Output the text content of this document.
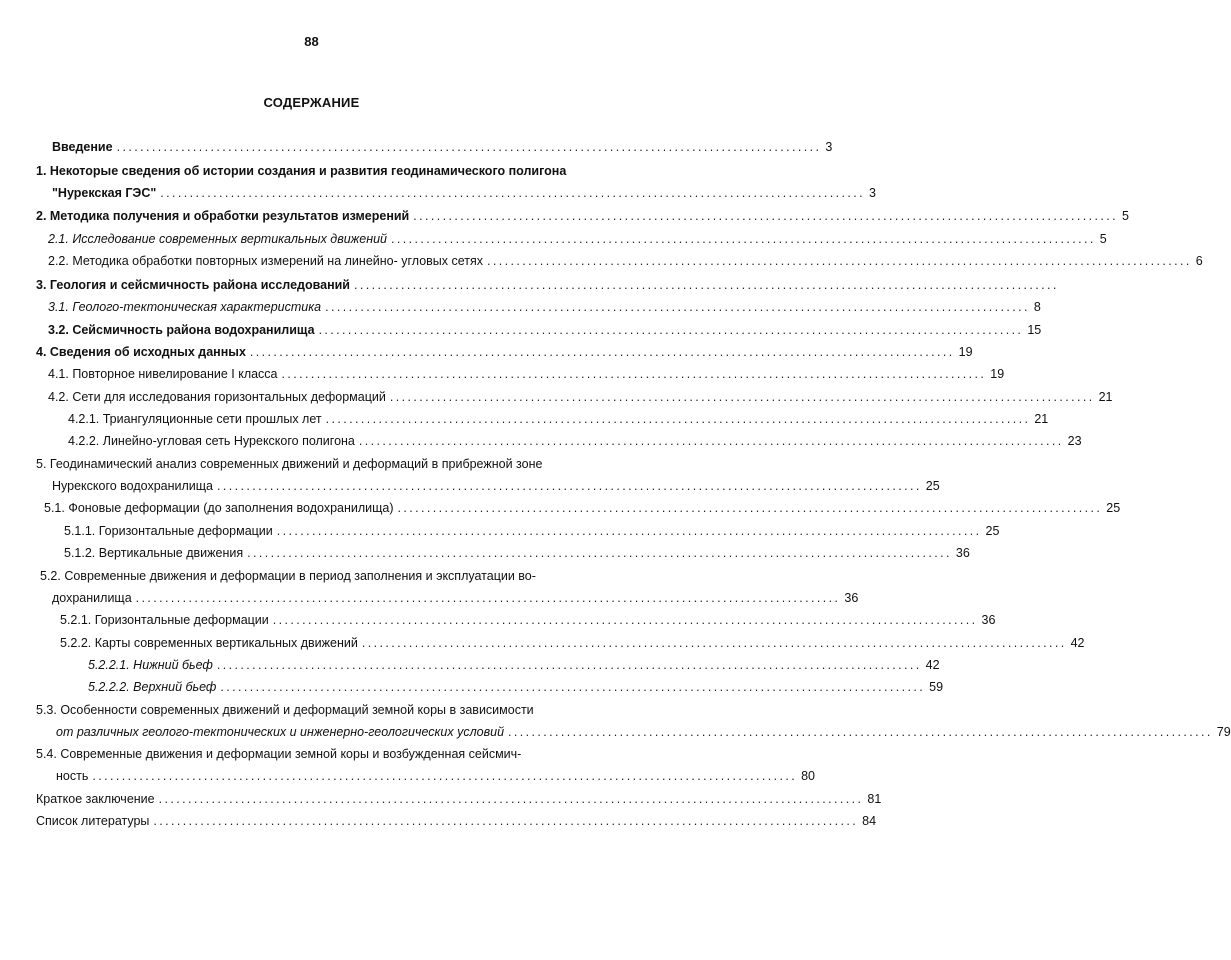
88
СОДЕРЖАНИЕ
Введение ........................................................................................................................ 3
1. Некоторые сведения об истории создания и развития геодинамического полигона
"Нурекская ГЭС" ........................................................................................................................ 3
2. Методика получения и обработки результатов измерений ........................................................................................................................ 5
2.1. Исследование современных вертикальных движений ........................................................................................................................ 5
2.2. Методика обработки повторных измерений на линейно- угловых сетях ........................................................................................................................ 6
3. Геология и сейсмичность района исследований ........................................................................................................................
3.1. Геолого-тектоническая характеристика ........................................................................................................................ 8
3.2. Сейсмичность района водохранилища ........................................................................................................................ 15
4. Сведения об исходных данных ........................................................................................................................ 19
4.1. Повторное нивелирование I класса ........................................................................................................................ 19
4.2. Сети для исследования горизонтальных деформаций ........................................................................................................................ 21
4.2.1. Триангуляционные сети прошлых лет ........................................................................................................................ 21
4.2.2. Линейно-угловая сеть Нурекского полигона ........................................................................................................................ 23
5. Геодинамический анализ современных движений и деформаций в прибрежной зоне
Нурекского водохранилища ........................................................................................................................ 25
5.1. Фоновые деформации (до заполнения водохранилища) ........................................................................................................................ 25
5.1.1. Горизонтальные деформации ........................................................................................................................ 25
5.1.2. Вертикальные движения ........................................................................................................................ 36
5.2. Современные движения и деформации в период заполнения и эксплуатации во-
дохранилища ........................................................................................................................ 36
5.2.1. Горизонтальные деформации ........................................................................................................................ 36
5.2.2. Карты современных вертикальных движений ........................................................................................................................ 42
5.2.2.1. Нижний бьеф ........................................................................................................................ 42
5.2.2.2. Верхний бьеф ........................................................................................................................ 59
5.3. Особенности современных движений и деформаций земной коры в зависимости
от различных геолого-тектонических и инженерно-геологических условий ........................................................................................................................ 79
5.4. Современные движения и деформации земной коры и возбужденная сейсмич-
ность ........................................................................................................................ 80
Краткое заключение ........................................................................................................................ 81
Список литературы ........................................................................................................................ 84
